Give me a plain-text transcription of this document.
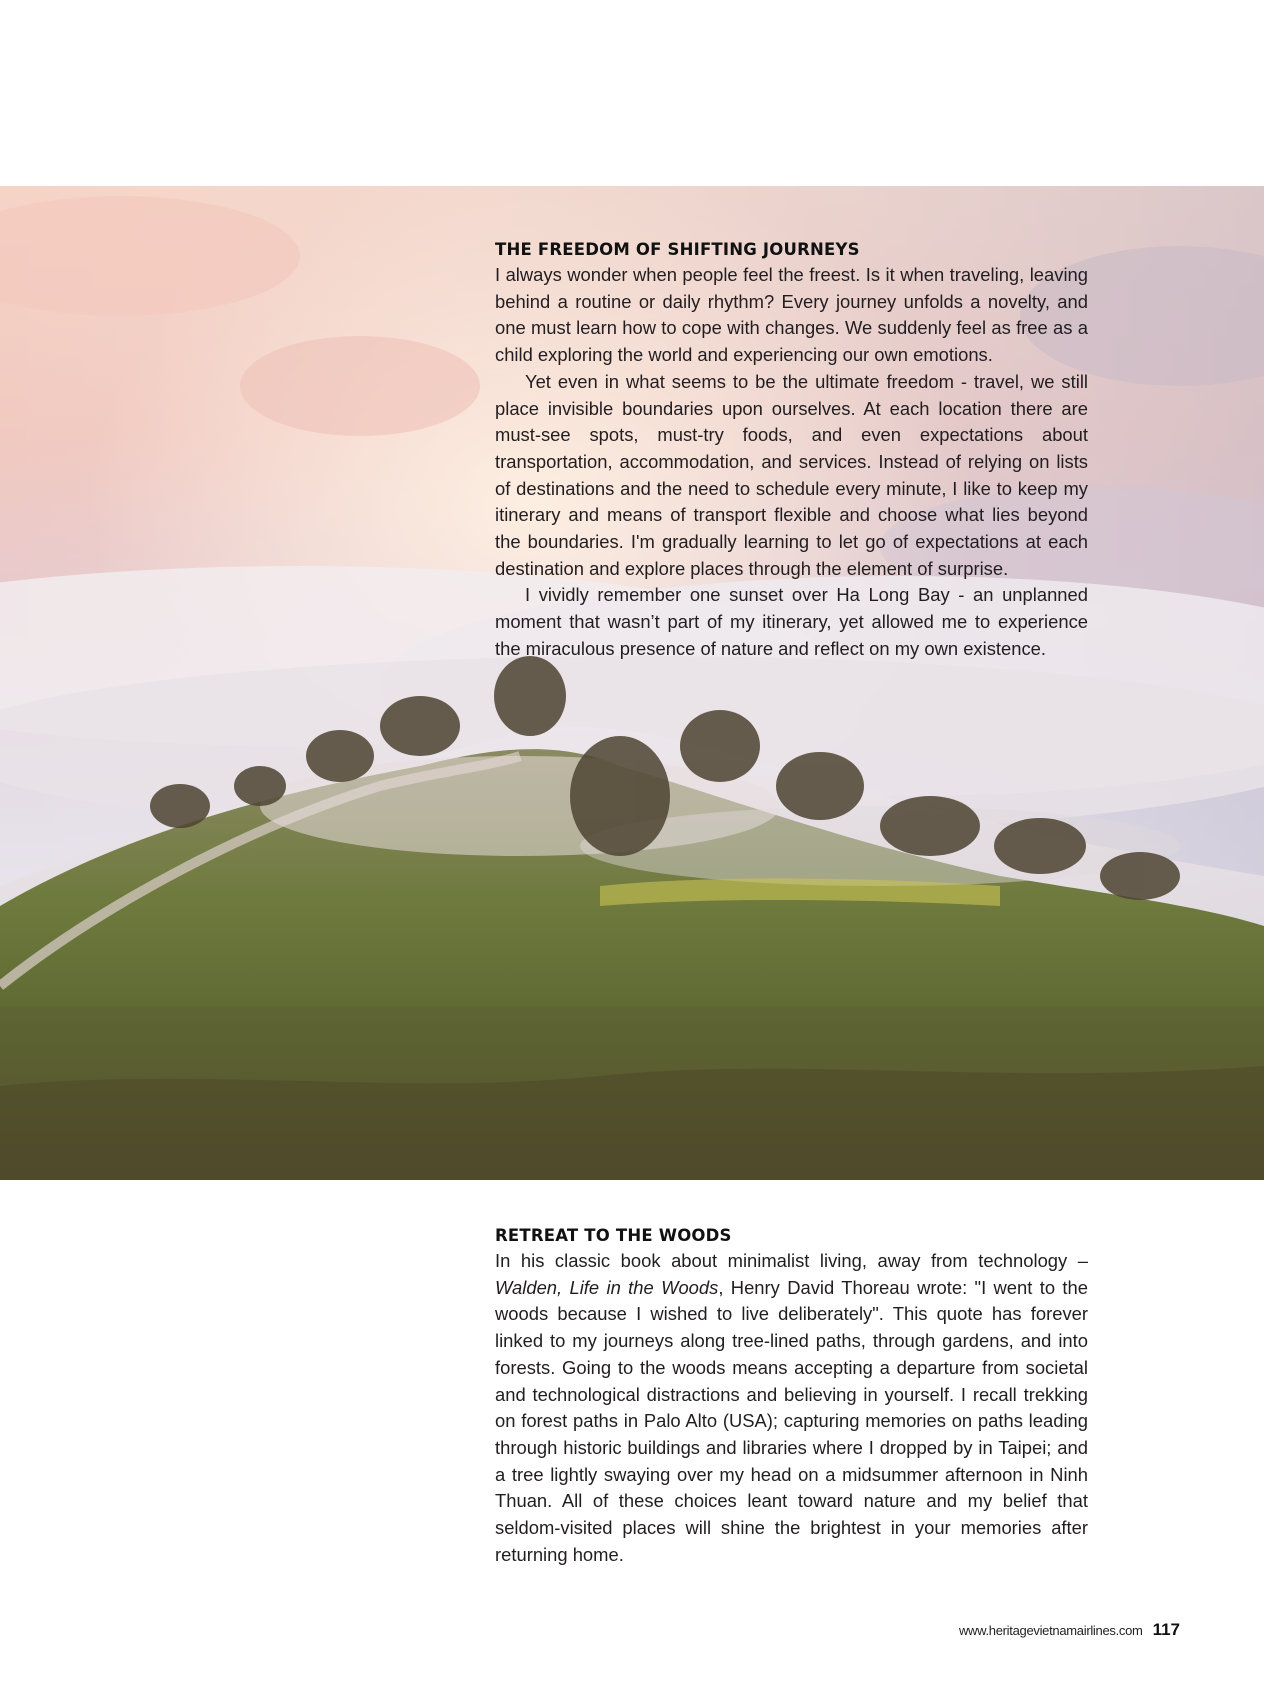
THE FREEDOM OF SHIFTING JOURNEYS

I always wonder when people feel the freest. Is it when traveling, leaving behind a routine or daily rhythm? Every journey unfolds a novelty, and one must learn how to cope with changes. We suddenly feel as free as a child exploring the world and experiencing our own emotions.

Yet even in what seems to be the ultimate freedom - travel, we still place invisible boundaries upon ourselves. At each location there are must-see spots, must-try foods, and even expectations about transportation, accommodation, and services. Instead of relying on lists of destinations and the need to schedule every minute, I like to keep my itinerary and means of transport flexible and choose what lies beyond the boundaries. I'm gradually learning to let go of expectations at each destination and explore places through the element of surprise.

I vividly remember one sunset over Ha Long Bay - an unplanned moment that wasn’t part of my itinerary, yet allowed me to experience the miraculous presence of nature and reflect on my own existence.

RETREAT TO THE WOODS

In his classic book about minimalist living, away from technology – Walden, Life in the Woods, Henry David Thoreau wrote: "I went to the woods because I wished to live deliberately". This quote has forever linked to my journeys along tree-lined paths, through gardens, and into forests. Going to the woods means accepting a departure from societal and technological distractions and believing in yourself. I recall trekking on forest paths in Palo Alto (USA); capturing memories on paths leading through historic buildings and libraries where I dropped by in Taipei; and a tree lightly swaying over my head on a midsummer afternoon in Ninh Thuan. All of these choices leant toward nature and my belief that seldom-visited places will shine the brightest in your memories after returning home.

www.heritagevietnamairlines.com 117
